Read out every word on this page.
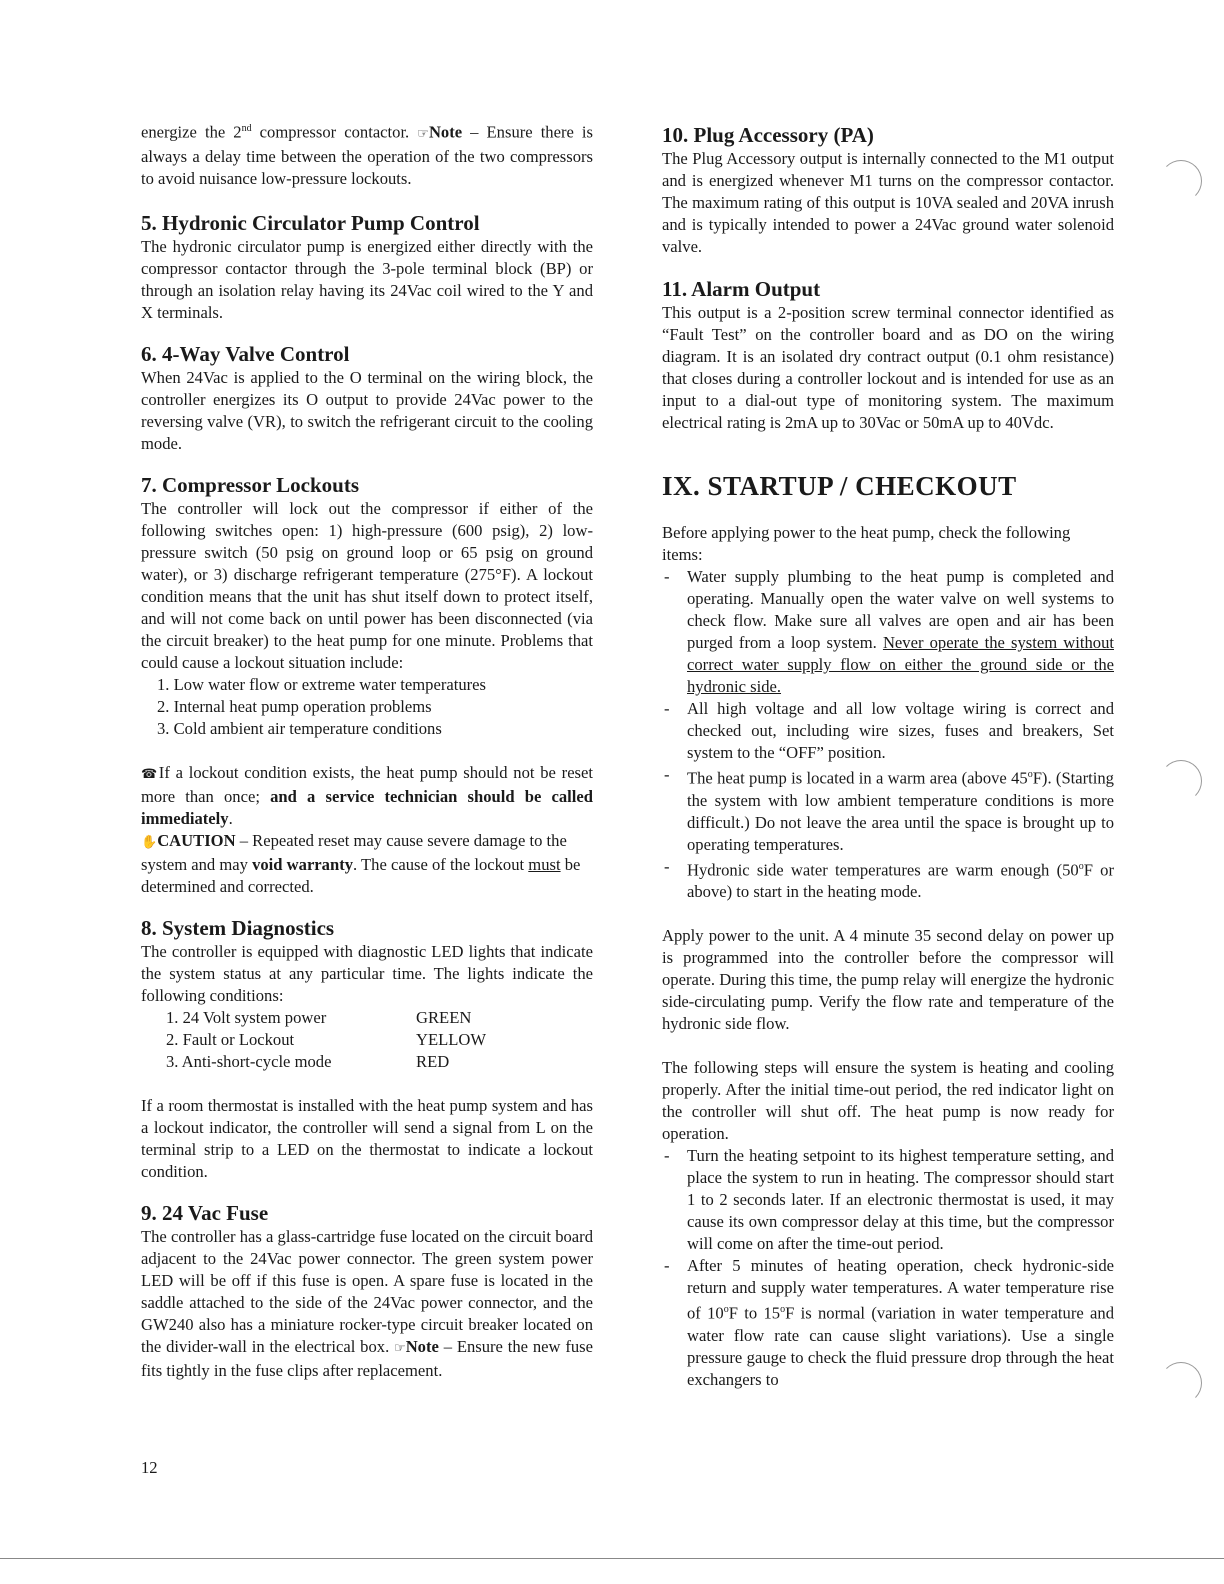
energize the 2nd compressor contactor. ☞Note – Ensure there is always a delay time between the operation of the two compressors to avoid nuisance low-pressure lockouts.

5. Hydronic Circulator Pump Control

The hydronic circulator pump is energized either directly with the compressor contactor through the 3-pole terminal block (BP) or through an isolation relay having its 24Vac coil wired to the Y and X terminals.

6. 4-Way Valve Control

When 24Vac is applied to the O terminal on the wiring block, the controller energizes its O output to provide 24Vac power to the reversing valve (VR), to switch the refrigerant circuit to the cooling mode.

7. Compressor Lockouts

The controller will lock out the compressor if either of the following switches open: 1) high-pressure (600 psig), 2) low-pressure switch (50 psig on ground loop or 65 psig on ground water), or 3) discharge refrigerant temperature (275°F). A lockout condition means that the unit has shut itself down to protect itself, and will not come back on until power has been disconnected (via the circuit breaker) to the heat pump for one minute. Problems that could cause a lockout situation include:

1. Low water flow or extreme water temperatures
2. Internal heat pump operation problems
3. Cold ambient air temperature conditions

☎If a lockout condition exists, the heat pump should not be reset more than once; and a service technician should be called immediately.

✋CAUTION – Repeated reset may cause severe damage to the system and may void warranty. The cause of the lockout must be determined and corrected.

8. System Diagnostics

The controller is equipped with diagnostic LED lights that indicate the system status at any particular time. The lights indicate the following conditions:

1. 24 Volt system power	GREEN
2. Fault or Lockout	YELLOW
3. Anti-short-cycle mode	RED

If a room thermostat is installed with the heat pump system and has a lockout indicator, the controller will send a signal from L on the terminal strip to a LED on the thermostat to indicate a lockout condition.

9. 24 Vac Fuse

The controller has a glass-cartridge fuse located on the circuit board adjacent to the 24Vac power connector. The green system power LED will be off if this fuse is open. A spare fuse is located in the saddle attached to the side of the 24Vac power connector, and the GW240 also has a miniature rocker-type circuit breaker located on the divider-wall in the electrical box. ☞Note – Ensure the new fuse fits tightly in the fuse clips after replacement.

10. Plug Accessory (PA)

The Plug Accessory output is internally connected to the M1 output and is energized whenever M1 turns on the compressor contactor. The maximum rating of this output is 10VA sealed and 20VA inrush and is typically intended to power a 24Vac ground water solenoid valve.

11. Alarm Output

This output is a 2-position screw terminal connector identified as “Fault Test” on the controller board and as DO on the wiring diagram. It is an isolated dry contract output (0.1 ohm resistance) that closes during a controller lockout and is intended for use as an input to a dial-out type of monitoring system. The maximum electrical rating is 2mA up to 30Vac or 50mA up to 40Vdc.

IX. STARTUP / CHECKOUT

Before applying power to the heat pump, check the following items:

- Water supply plumbing to the heat pump is completed and operating. Manually open the water valve on well systems to check flow. Make sure all valves are open and air has been purged from a loop system. Never operate the system without correct water supply flow on either the ground side or the hydronic side.
- All high voltage and all low voltage wiring is correct and checked out, including wire sizes, fuses and breakers, Set system to the “OFF” position.
- The heat pump is located in a warm area (above 45$^o$F). (Starting the system with low ambient temperature conditions is more difficult.) Do not leave the area until the space is brought up to operating temperatures.
- Hydronic side water temperatures are warm enough (50$^o$F or above) to start in the heating mode.

Apply power to the unit. A 4 minute 35 second delay on power up is programmed into the controller before the compressor will operate. During this time, the pump relay will energize the hydronic side-circulating pump. Verify the flow rate and temperature of the hydronic side flow.

The following steps will ensure the system is heating and cooling properly. After the initial time-out period, the red indicator light on the controller will shut off. The heat pump is now ready for operation.

- Turn the heating setpoint to its highest temperature setting, and place the system to run in heating. The compressor should start 1 to 2 seconds later. If an electronic thermostat is used, it may cause its own compressor delay at this time, but the compressor will come on after the time-out period.
- After 5 minutes of heating operation, check hydronic-side return and supply water temperatures. A water temperature rise of 10$^o$F to 15$^o$F is normal (variation in water temperature and water flow rate can cause slight variations). Use a single pressure gauge to check the fluid pressure drop through the heat exchangers to
12
